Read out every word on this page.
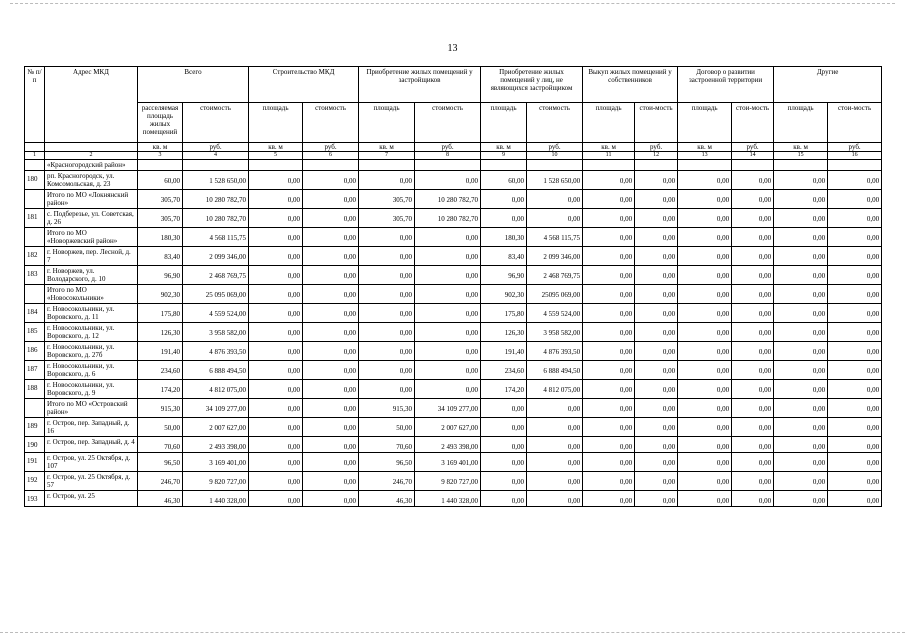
13
№ п/п	Адрес МКД	Всего		Строительство МКД		Приобретение жилых помещений у застройщиков		Приобретение жилых помещений у лиц, не являющихся застройщиком		Выкуп жилых помещений у собственников		Договор о развитии застроенной территории		Другие	
		расселяемая площадь жилых помещений	стоимость	площадь	стоимость	площадь	стоимость	площадь	стоимость	площадь	стои-мость	площадь	стои-мость	площадь	стои-мость
		кв. м	руб.	кв. м	руб.	кв. м	руб.	кв. м	руб.	кв. м	руб.	кв. м	руб.	кв. м	руб.
1	2	3	4	5	6	7	8	9	10	11	12	13	14	15	16
	«Красногородский район»														
180	рп. Красногородск, ул. Комсомольская, д. 23	60,00	1 528 650,00	0,00	0,00	0,00	0,00	60,00	1 528 650,00	0,00	0,00	0,00	0,00	0,00	0,00
	Итого по МО «Локнянский район»	305,70	10 280 782,70	0,00	0,00	305,70	10 280 782,70	0,00	0,00	0,00	0,00	0,00	0,00	0,00	0,00
181	с. Подберезье, ул. Советская, д. 26	305,70	10 280 782,70	0,00	0,00	305,70	10 280 782,70	0,00	0,00	0,00	0,00	0,00	0,00	0,00	0,00
	Итого по МО «Новоржевский район»	180,30	4 568 115,75	0,00	0,00	0,00	0,00	180,30	4 568 115,75	0,00	0,00	0,00	0,00	0,00	0,00
182	г. Новоржев, пер. Лесной, д. 7	83,40	2 099 346,00	0,00	0,00	0,00	0,00	83,40	2 099 346,00	0,00	0,00	0,00	0,00	0,00	0,00
183	г. Новоржев, ул. Володарского, д. 10	96,90	2 468 769,75	0,00	0,00	0,00	0,00	96,90	2 468 769,75	0,00	0,00	0,00	0,00	0,00	0,00
	Итого по МО «Новосокольники»	902,30	25 095 069,00	0,00	0,00	0,00	0,00	902,30	25095 069,00	0,00	0,00	0,00	0,00	0,00	0,00
184	г. Новосокольники, ул. Воровского, д. 11	175,80	4 559 524,00	0,00	0,00	0,00	0,00	175,80	4 559 524,00	0,00	0,00	0,00	0,00	0,00	0,00
185	г. Новосокольники, ул. Воровского, д. 12	126,30	3 958 582,00	0,00	0,00	0,00	0,00	126,30	3 958 582,00	0,00	0,00	0,00	0,00	0,00	0,00
186	г. Новосокольники, ул. Воровского, д. 27б	191,40	4 876 393,50	0,00	0,00	0,00	0,00	191,40	4 876 393,50	0,00	0,00	0,00	0,00	0,00	0,00
187	г. Новосокольники, ул. Воровского, д. 6	234,60	6 888 494,50	0,00	0,00	0,00	0,00	234,60	6 888 494,50	0,00	0,00	0,00	0,00	0,00	0,00
188	г. Новосокольники, ул. Воровского, д. 9	174,20	4 812 075,00	0,00	0,00	0,00	0,00	174,20	4 812 075,00	0,00	0,00	0,00	0,00	0,00	0,00
	Итого по МО «Островский район»	915,30	34 109 277,00	0,00	0,00	915,30	34 109 277,00	0,00	0,00	0,00	0,00	0,00	0,00	0,00	0,00
189	г. Остров, пер. Западный, д. 16	50,00	2 007 627,00	0,00	0,00	50,00	2 007 627,00	0,00	0,00	0,00	0,00	0,00	0,00	0,00	0,00
190	г. Остров, пер. Западный, д. 4	70,60	2 493 398,00	0,00	0,00	70,60	2 493 398,00	0,00	0,00	0,00	0,00	0,00	0,00	0,00	0,00
191	г. Остров, ул. 25 Октября, д. 107	96,50	3 169 401,00	0,00	0,00	96,50	3 169 401,00	0,00	0,00	0,00	0,00	0,00	0,00	0,00	0,00
192	г. Остров, ул. 25 Октября, д. 57	246,70	9 820 727,00	0,00	0,00	246,70	9 820 727,00	0,00	0,00	0,00	0,00	0,00	0,00	0,00	0,00
193	г. Остров, ул. 25	46,30	1 440 328,00	0,00	0,00	46,30	1 440 328,00	0,00	0,00	0,00	0,00	0,00	0,00	0,00	0,00
